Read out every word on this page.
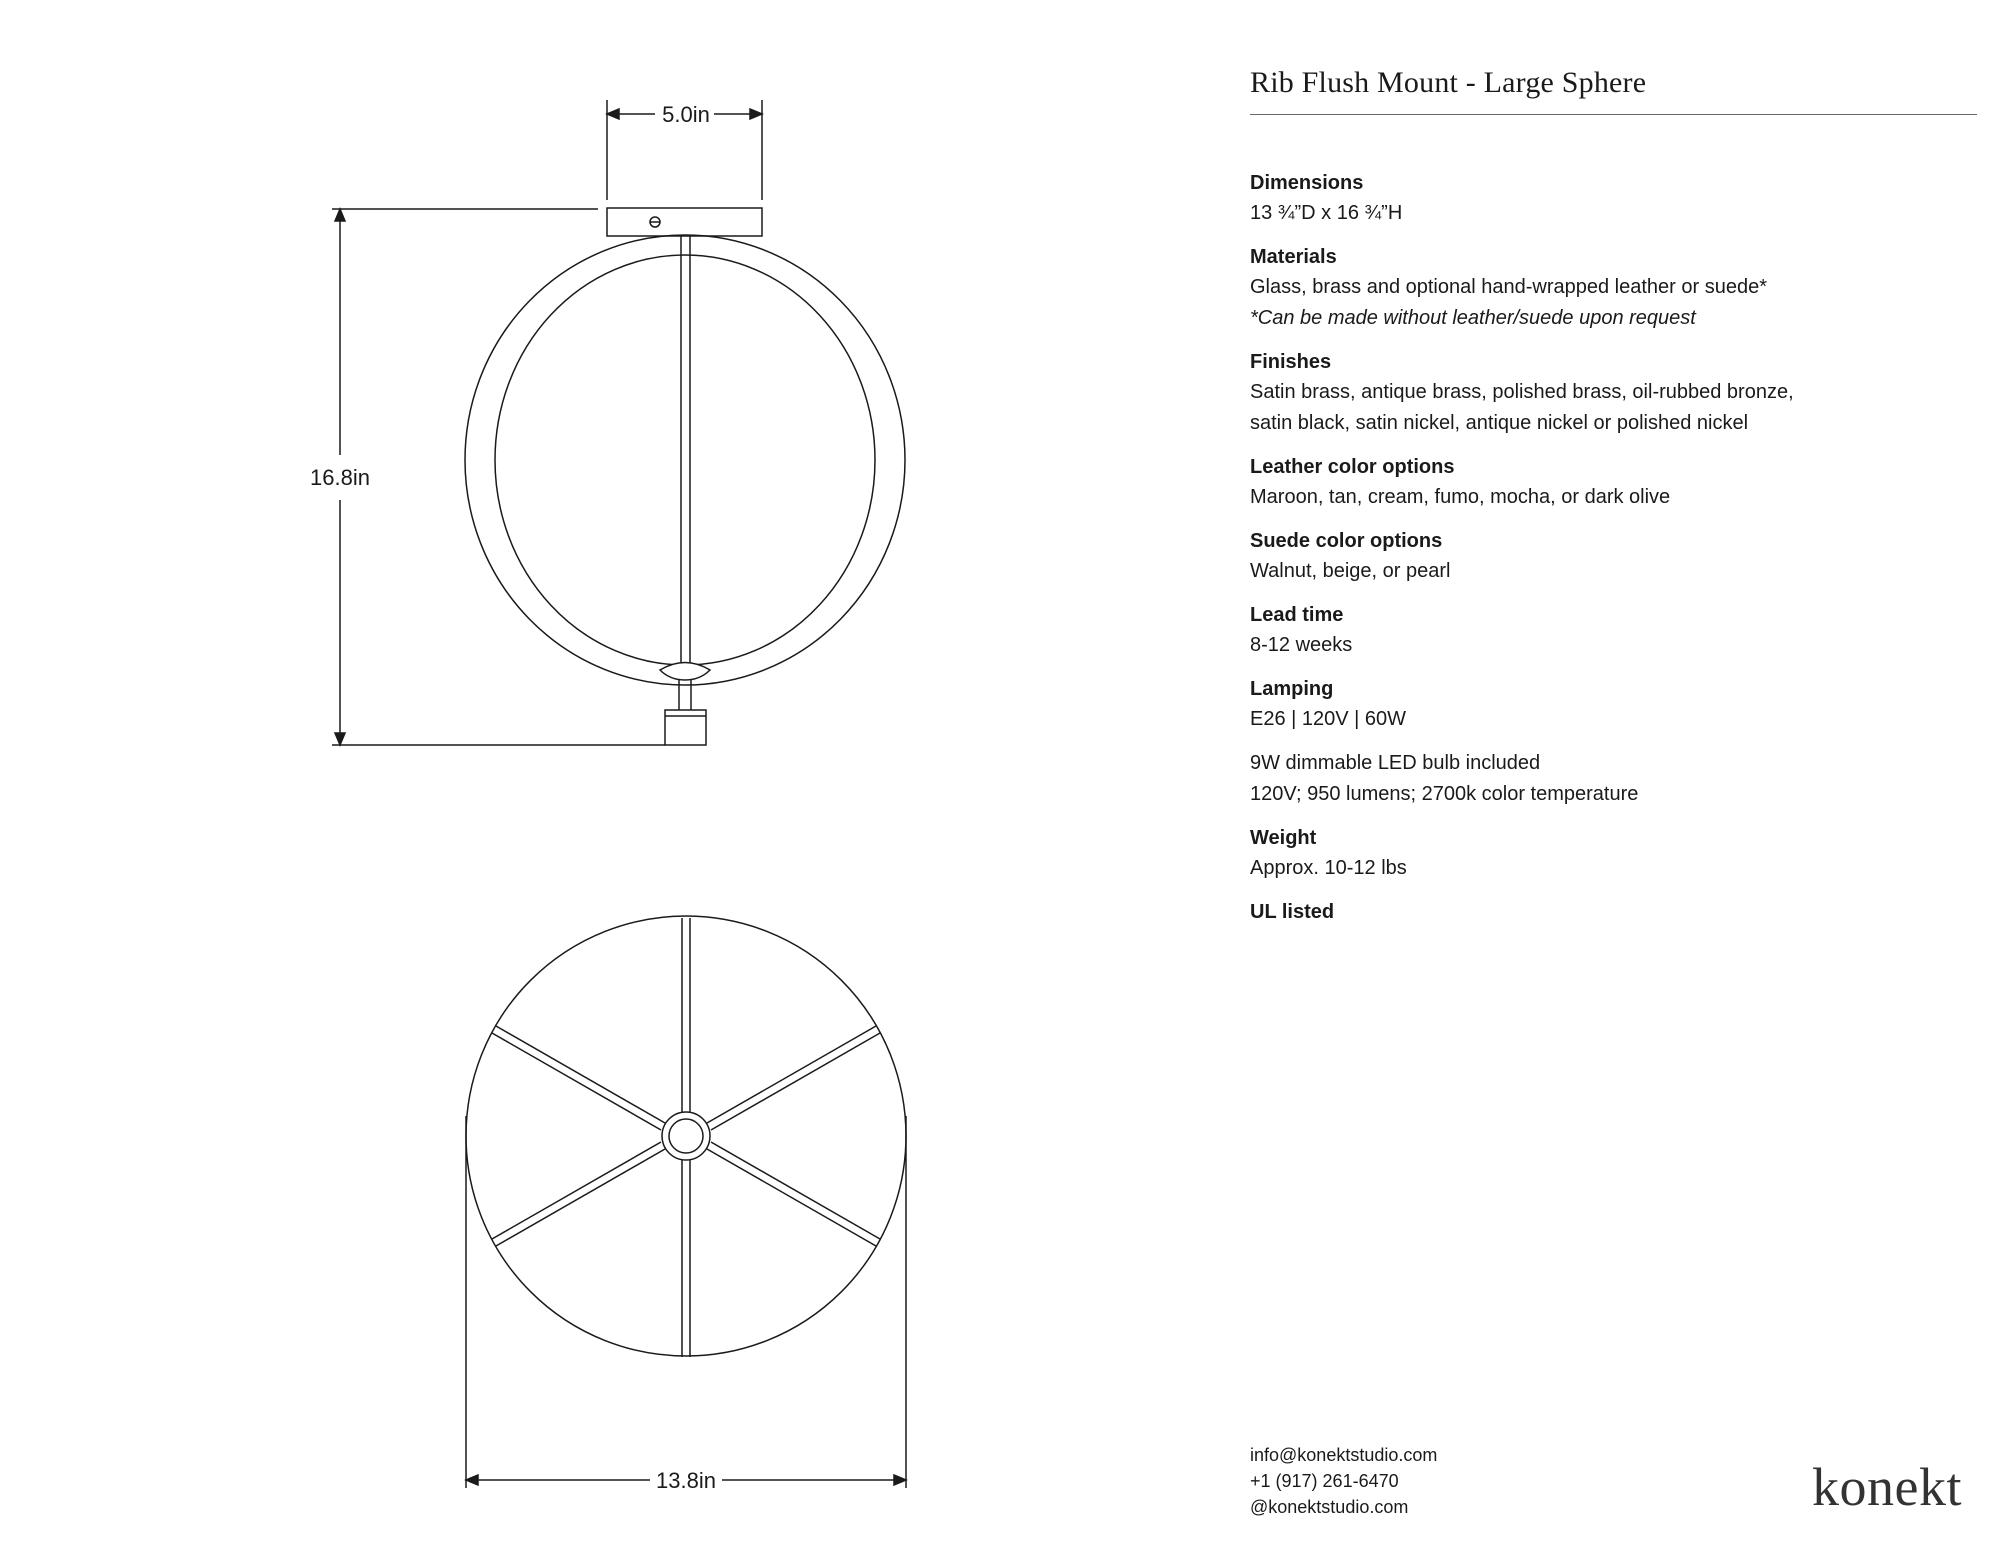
5.0in
16.8in
13.8in
Rib Flush Mount - Large Sphere
Dimensions
13 ¾”D x 16 ¾”H
Materials
Glass, brass and optional hand-wrapped leather or suede*
*Can be made without leather/suede upon request
Finishes
Satin brass, antique brass, polished brass, oil-rubbed bronze,
satin black, satin nickel, antique nickel or polished nickel
Leather color options
Maroon, tan, cream, fumo, mocha, or dark olive
Suede color options
Walnut, beige, or pearl
Lead time
8-12 weeks
Lamping
E26 | 120V | 60W
9W dimmable LED bulb included
120V; 950 lumens; 2700k color temperature
Weight
Approx. 10-12 lbs
UL listed
info@konektstudio.com
+1 (917) 261-6470
@konektstudio.com	konekt
